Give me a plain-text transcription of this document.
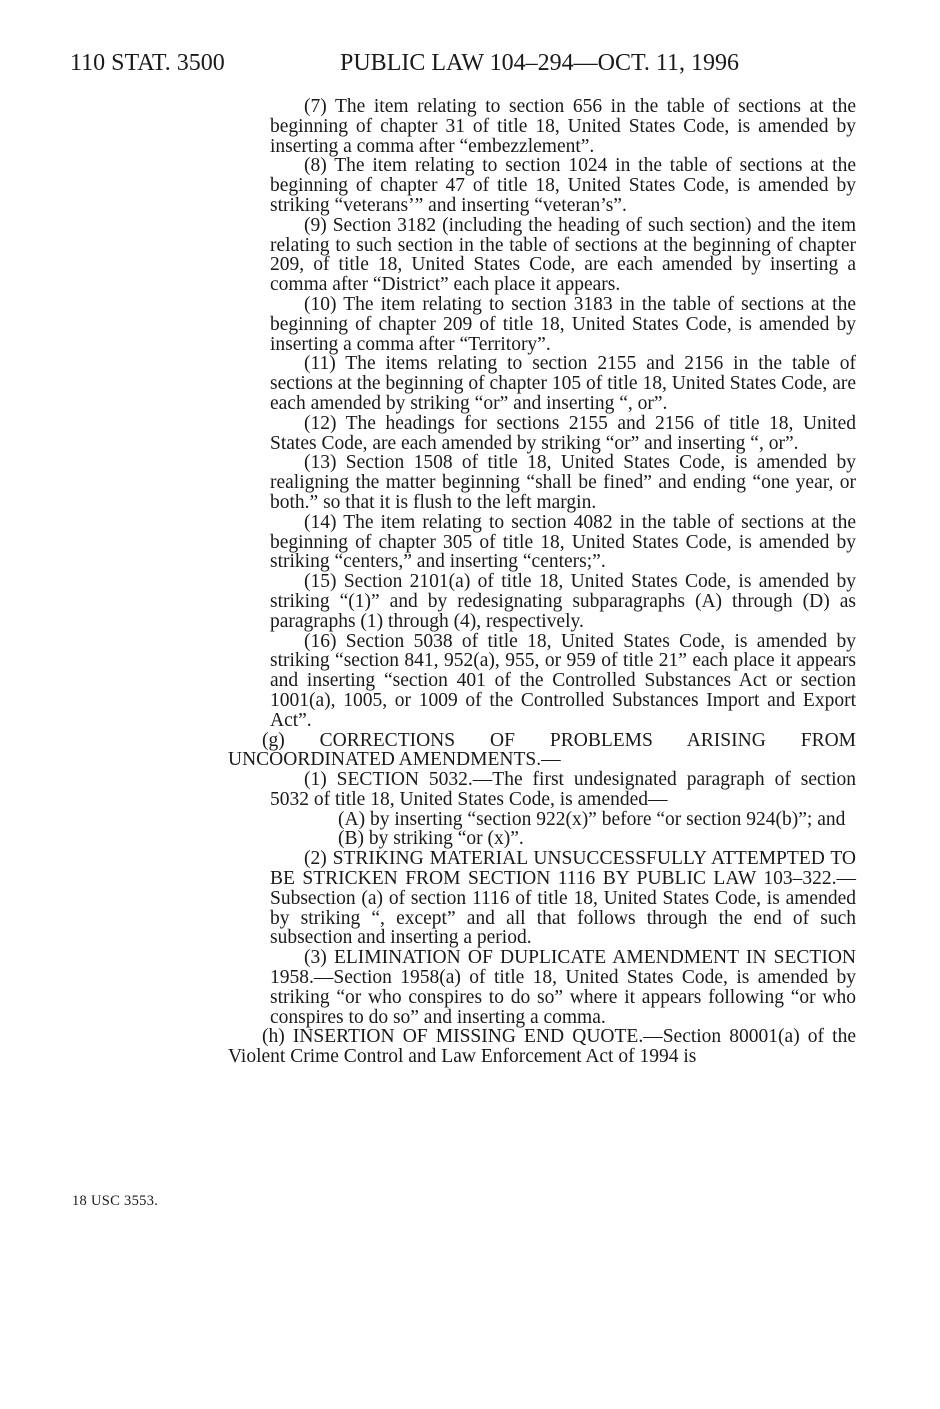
110 STAT. 3500	PUBLIC LAW 104–294—OCT. 11, 1996

(7) The item relating to section 656 in the table of sections at the beginning of chapter 31 of title 18, United States Code, is amended by inserting a comma after “embezzlement”.

(8) The item relating to section 1024 in the table of sections at the beginning of chapter 47 of title 18, United States Code, is amended by striking “veterans’” and inserting “veteran’s”.

(9) Section 3182 (including the heading of such section) and the item relating to such section in the table of sections at the beginning of chapter 209, of title 18, United States Code, are each amended by inserting a comma after “District” each place it appears.

(10) The item relating to section 3183 in the table of sections at the beginning of chapter 209 of title 18, United States Code, is amended by inserting a comma after “Territory”.

(11) The items relating to section 2155 and 2156 in the table of sections at the beginning of chapter 105 of title 18, United States Code, are each amended by striking “or” and inserting “, or”.

(12) The headings for sections 2155 and 2156 of title 18, United States Code, are each amended by striking “or” and inserting “, or”.

(13) Section 1508 of title 18, United States Code, is amended by realigning the matter beginning “shall be fined” and ending “one year, or both.” so that it is flush to the left margin.

(14) The item relating to section 4082 in the table of sections at the beginning of chapter 305 of title 18, United States Code, is amended by striking “centers,” and inserting “centers;”.

(15) Section 2101(a) of title 18, United States Code, is amended by striking “(1)” and by redesignating subparagraphs (A) through (D) as paragraphs (1) through (4), respectively.

(16) Section 5038 of title 18, United States Code, is amended by striking “section 841, 952(a), 955, or 959 of title 21” each place it appears and inserting “section 401 of the Controlled Substances Act or section 1001(a), 1005, or 1009 of the Controlled Substances Import and Export Act”.

(g) CORRECTIONS OF PROBLEMS ARISING FROM UNCOORDINATED AMENDMENTS.—

(1) SECTION 5032.—The first undesignated paragraph of section 5032 of title 18, United States Code, is amended—

(A) by inserting “section 922(x)” before “or section 924(b)”; and

(B) by striking “or (x)”.

(2) STRIKING MATERIAL UNSUCCESSFULLY ATTEMPTED TO BE STRICKEN FROM SECTION 1116 BY PUBLIC LAW 103–322.—Subsection (a) of section 1116 of title 18, United States Code, is amended by striking “, except” and all that follows through the end of such subsection and inserting a period.

(3) ELIMINATION OF DUPLICATE AMENDMENT IN SECTION 1958.—Section 1958(a) of title 18, United States Code, is amended by striking “or who conspires to do so” where it appears following “or who conspires to do so” and inserting a comma.

(h) INSERTION OF MISSING END QUOTE.—Section 80001(a) of the Violent Crime Control and Law Enforcement Act of 1994 is

18 USC 3553.
